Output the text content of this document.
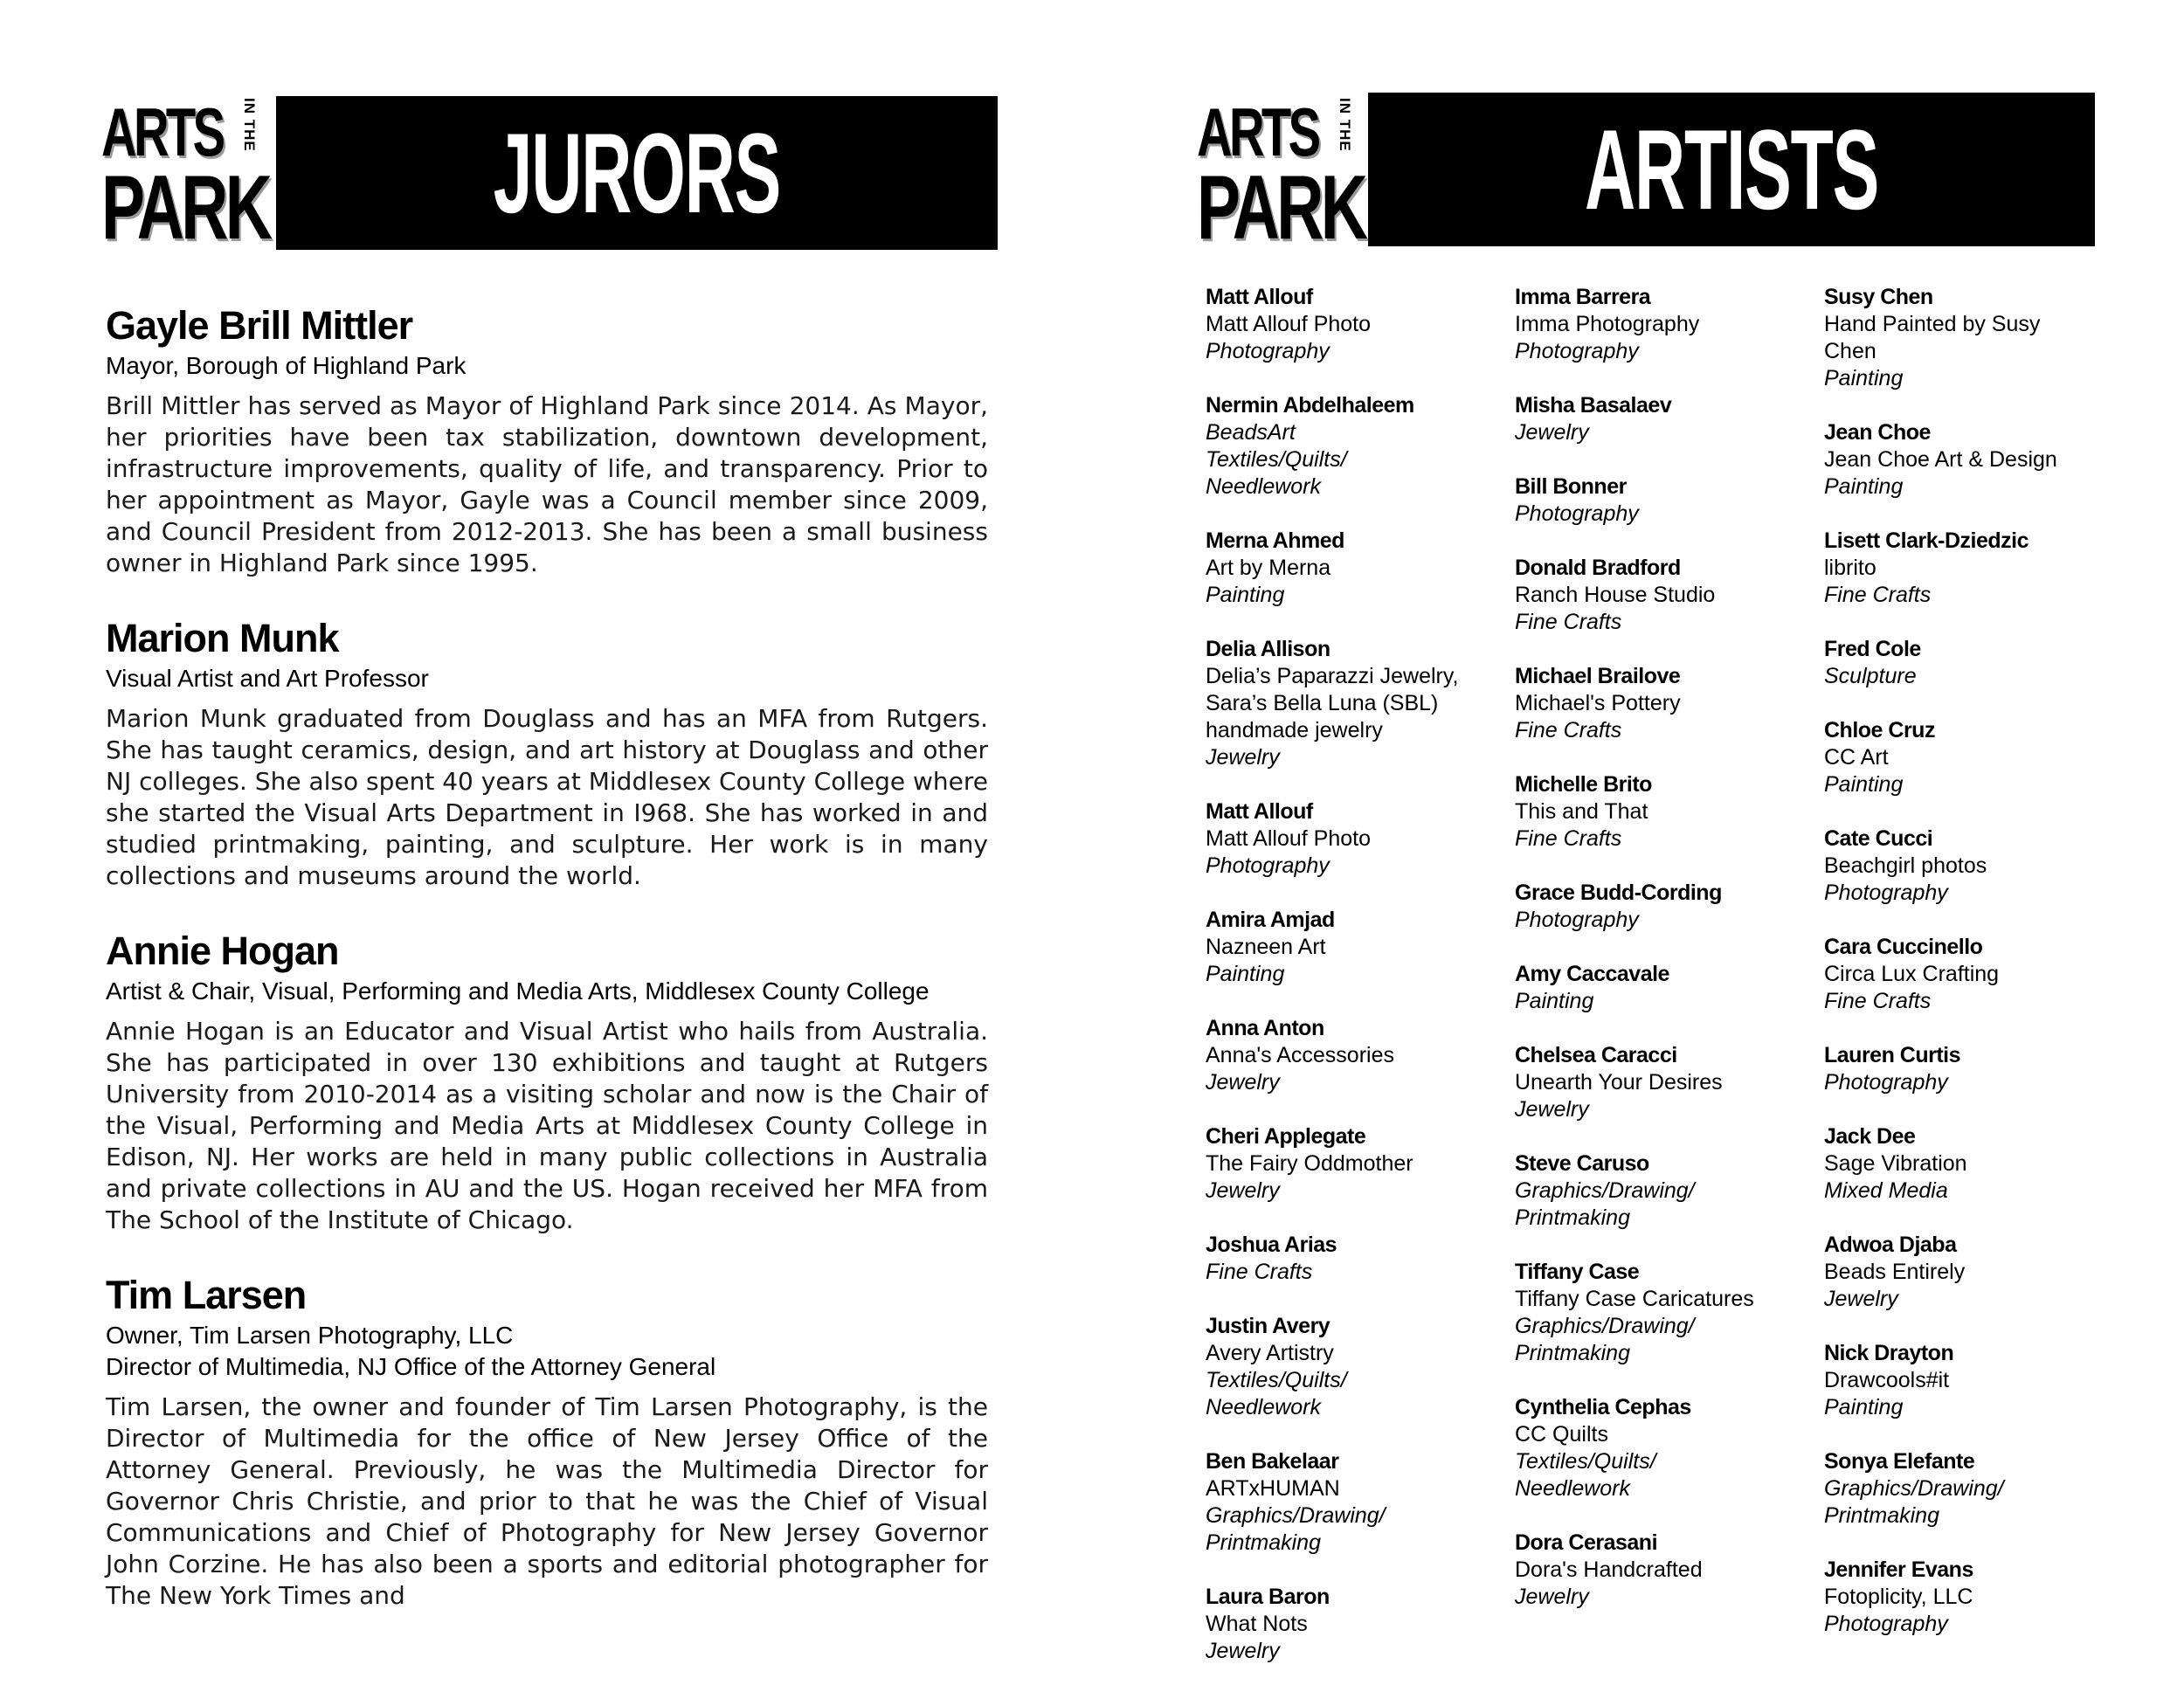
ARTS	IN THE
PARK JURORS
Gayle Brill Mittler
Mayor, Borough of Highland Park
Brill Mittler has served as Mayor of Highland Park since 2014. As Mayor, her priorities have been tax stabilization, downtown development, infrastructure improvements, quality of life, and transparency. Prior to her appointment as Mayor, Gayle was a Council member since 2009, and Council President from 2012-2013. She has been a small business owner in Highland Park since 1995.
Marion Munk
Visual Artist and Art Professor
Marion Munk graduated from Douglass and has an MFA from Rutgers. She has taught ceramics, design, and art history at Douglass and other NJ colleges. She also spent 40 years at Middlesex County College where she started the Visual Arts Department in I968. She has worked in and studied printmaking, painting, and sculpture. Her work is in many collections and museums around the world.
Annie Hogan
Artist & Chair, Visual, Performing and Media Arts, Middlesex County College
Annie Hogan is an Educator and Visual Artist who hails from Australia. She has participated in over 130 exhibitions and taught at Rutgers University from 2010-2014 as a visiting scholar and now is the Chair of the Visual, Performing and Media Arts at Middlesex County College in Edison, NJ. Her works are held in many public collections in Australia and private collections in AU and the US. Hogan received her MFA from The School of the Institute of Chicago.
Tim Larsen
Owner, Tim Larsen Photography, LLC
Director of Multimedia, NJ Office of the Attorney General
Tim Larsen, the owner and founder of Tim Larsen Photography, is the Director of Multimedia for the office of New Jersey Office of the Attorney General. Previously, he was the Multimedia Director for Governor Chris Christie, and prior to that he was the Chief of Visual Communications and Chief of Photography for New Jersey Governor John Corzine. He has also been a sports and editorial photographer for The New York Times and
ARTS	IN THE
PARK ARTISTS
Matt Allouf
Matt Allouf Photo
Photography
Nermin Abdelhaleem
BeadsArt
Textiles/Quilts/
Needlework
Merna Ahmed
Art by Merna
Painting
Delia Allison
Delia’s Paparazzi Jewelry,
Sara’s Bella Luna (SBL)
handmade jewelry
Jewelry
Matt Allouf
Matt Allouf Photo
Photography
Amira Amjad
Nazneen Art
Painting
Anna Anton
Anna's Accessories
Jewelry
Cheri Applegate
The Fairy Oddmother
Jewelry
Joshua Arias
Fine Crafts
Justin Avery
Avery Artistry
Textiles/Quilts/
Needlework
Ben Bakelaar
ARTxHUMAN
Graphics/Drawing/
Printmaking
Laura Baron
What Nots
Jewelry
Imma Barrera
Imma Photography
Photography
Misha Basalaev
Jewelry
Bill Bonner
Photography
Donald Bradford
Ranch House Studio
Fine Crafts
Michael Brailove
Michael's Pottery
Fine Crafts
Michelle Brito
This and That
Fine Crafts
Grace Budd-Cording
Photography
Amy Caccavale
Painting
Chelsea Caracci
Unearth Your Desires
Jewelry
Steve Caruso
Graphics/Drawing/
Printmaking
Tiffany Case
Tiffany Case Caricatures
Graphics/Drawing/
Printmaking
Cynthelia Cephas
CC Quilts
Textiles/Quilts/
Needlework
Dora Cerasani
Dora's Handcrafted
Jewelry
Susy Chen
Hand Painted by Susy
Chen
Painting
Jean Choe
Jean Choe Art & Design
Painting
Lisett Clark-Dziedzic
librito
Fine Crafts
Fred Cole
Sculpture
Chloe Cruz
CC Art
Painting
Cate Cucci
Beachgirl photos
Photography
Cara Cuccinello
Circa Lux Crafting
Fine Crafts
Lauren Curtis
Photography
Jack Dee
Sage Vibration
Mixed Media
Adwoa Djaba
Beads Entirely
Jewelry
Nick Drayton
Drawcools#it
Painting
Sonya Elefante
Graphics/Drawing/
Printmaking
Jennifer Evans
Fotoplicity, LLC
Photography
